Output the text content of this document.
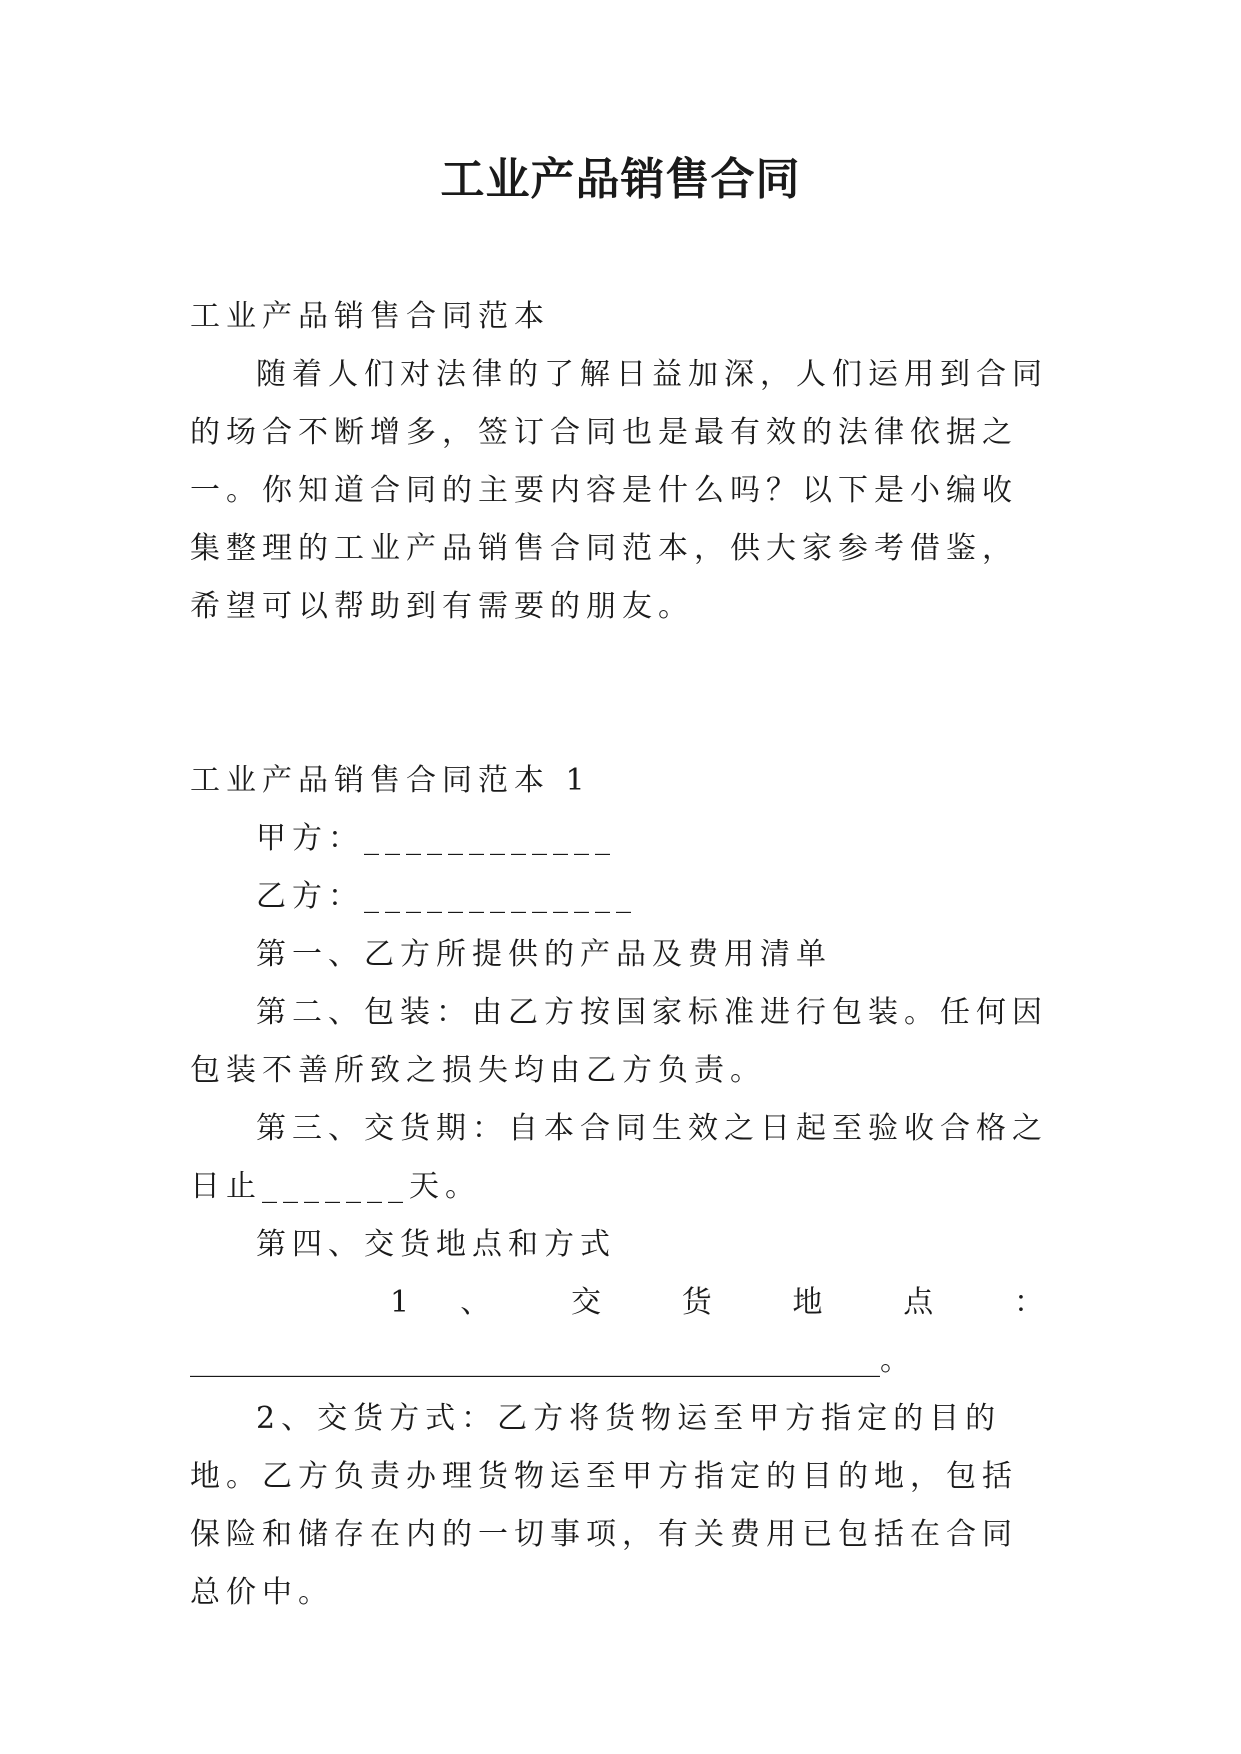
工业产品销售合同

工业产品销售合同范本

随着人们对法律的了解日益加深，人们运用到合同的场合不断增多，签订合同也是最有效的法律依据之一。你知道合同的主要内容是什么吗？以下是小编收集整理的工业产品销售合同范本，供大家参考借鉴，希望可以帮助到有需要的朋友。

工业产品销售合同范本 1

甲方：____________

乙方：_____________

第一、乙方所提供的产品及费用清单

第二、包装：由乙方按国家标准进行包装。任何因包装不善所致之损失均由乙方负责。

第三、交货期：自本合同生效之日起至验收合格之日止_______天。

第四、交货地点和方式

1 、 交 货 地 点 ：

______________________________________________。

2、交货方式：乙方将货物运至甲方指定的目的地。乙方负责办理货物运至甲方指定的目的地，包括保险和储存在内的一切事项，有关费用已包括在合同总价中。
